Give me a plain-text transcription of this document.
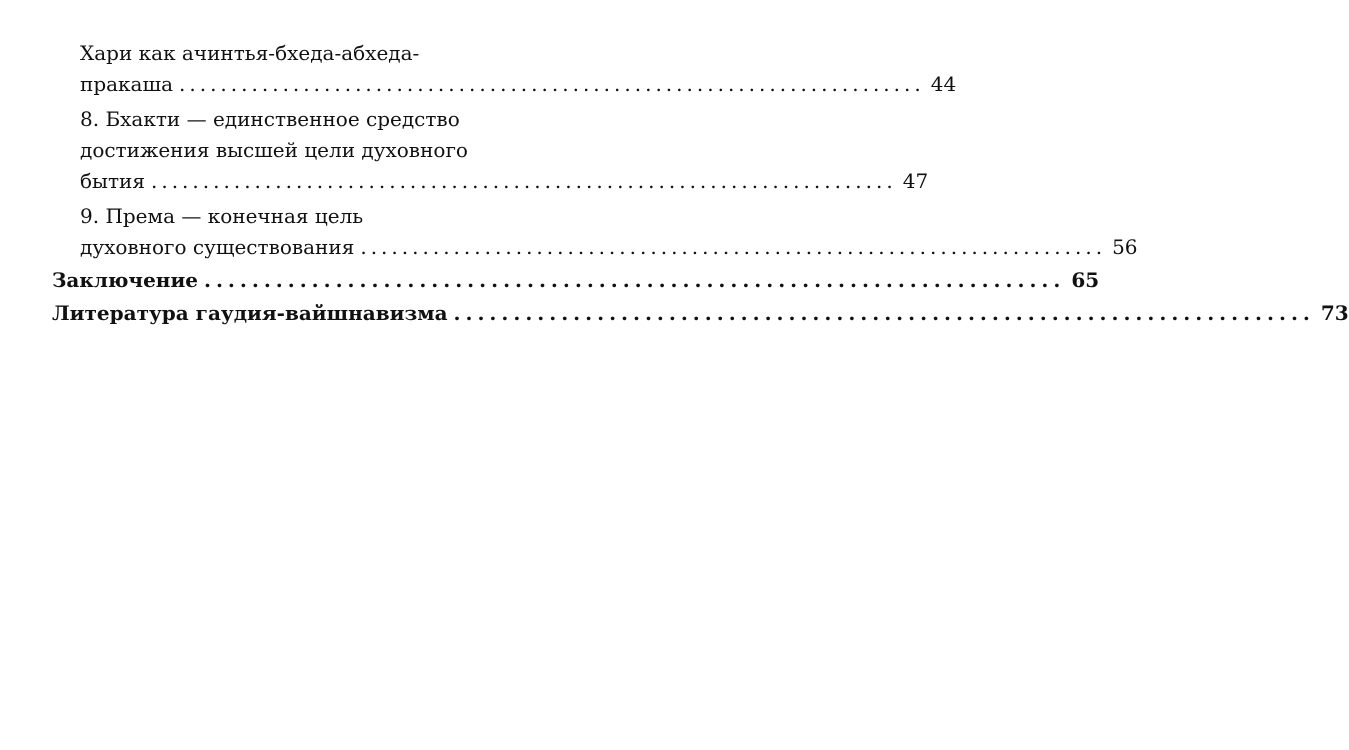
Хари как ачинтья-бхеда-абхеда-
пракаша ........................................................................ 44
8. Бхакти — единственное средство
достижения высшей цели духовного
бытия ........................................................................ 47
9. Према — конечная цель
духовного существования ........................................................................ 56
Заключение ........................................................................ 65
Литература гаудия-вайшнавизма ........................................................................ 73
